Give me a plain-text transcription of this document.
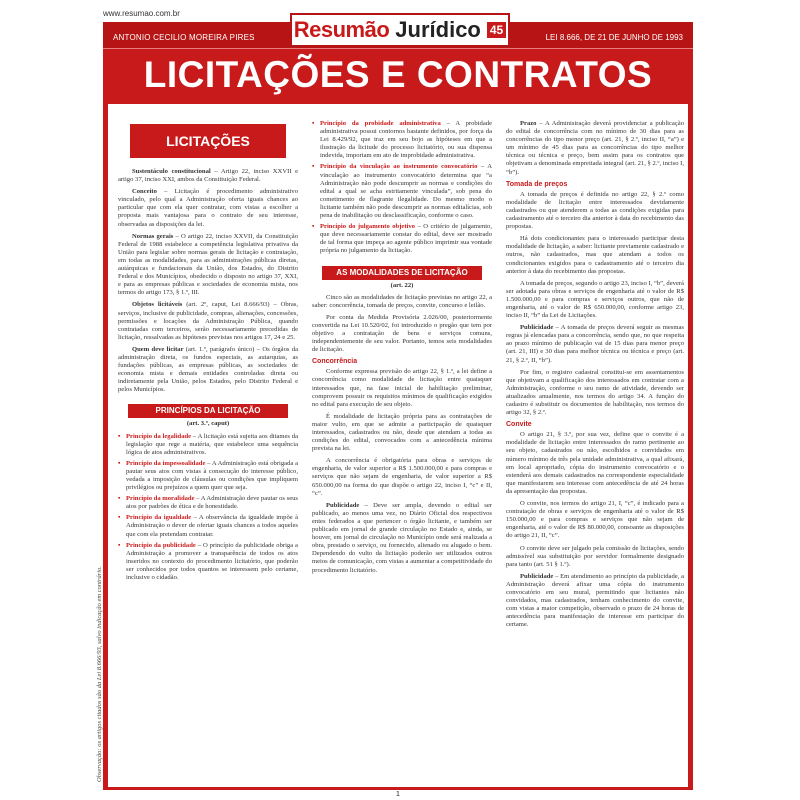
www.resumao.com.br
ANTONIO CECILIO MOREIRA PIRES	LEI 8.666, DE 21 DE JUNHO DE 1993
Resumão Jurídico 45
LICITAÇÕES E CONTRATOS
Observação: os artigos citados são da Lei 8.666/93, salvo indicação em contrário.
LICITAÇÕES

Sustentáculo constitucional – Artigo 22, inciso XXVII e artigo 37, inciso XXI, ambos da Constituição Federal.

Conceito – Licitação é procedimento administrativo vinculado, pelo qual a Administração oferta iguais chances ao particular que com ela quer contratar, com vistas a escolher a proposta mais vantajosa para o contrato de seu interesse, observadas as disposições da lei.

Normas gerais – O artigo 22, inciso XXVII, da Constituição Federal de 1988 estabelece a competência legislativa privativa da União para legislar sobre normas gerais de licitação e contratação, em todas as modalidades, para as administrações públicas diretas, autárquicas e fundacionais da União, dos Estados, do Distrito Federal e dos Municípios, obedecido o disposto no artigo 37, XXI, e para as empresas públicas e sociedades de economia mista, nos termos do artigo 173, § 1.º, III.

Objetos licitáveis (art. 2º, caput, Lei 8.666/93) – Obras, serviços, inclusive de publicidade, compras, alienações, concessões, permissões e locações da Administração Pública, quando contratadas com terceiros, serão necessariamente precedidas de licitação, ressalvadas as hipóteses previstas nos artigos 17, 24 e 25.

Quem deve licitar (art. 1.º, parágrafo único) – Os órgãos da administração direta, os fundos especiais, as autarquias, as fundações públicas, as empresas públicas, as sociedades de economia mista e demais entidades controladas direta ou indiretamente pela União, pelos Estados, pelo Distrito Federal e pelos Municípios.

PRINCÍPIOS DA LICITAÇÃO
(art. 3.º, caput)
▪ Princípio da legalidade – A licitação está sujeita aos ditames da legislação que rege a matéria, que estabelece uma sequência lógica de atos administrativos.
▪ Princípio da impessoalidade – A Administração está obrigada a pautar seus atos com vistas à consecução do interesse público, vedada a imposição de cláusulas ou condições que impliquem privilégios ou prejuízos a quem quer que seja.
▪ Princípio da moralidade – A Administração deve pautar os seus atos por padrões de ética e de honestidade.
▪ Princípio da igualdade – A observância da igualdade impõe à Administração o dever de ofertar iguais chances a todos aqueles que com ela pretendam contratar.
▪ Princípio da publicidade – O princípio da publicidade obriga a Administração a promover a transparência de todos os atos inseridos no contexto do procedimento licitatório, que poderão ser conhecidos por todos quantos se interessem pelo certame, inclusive o cidadão.
▪ Princípio da probidade administrativa – A probidade administrativa possui contornos bastante definidos, por força da Lei 8.429/92, que traz em seu bojo as hipóteses em que a ilustração da licitude do processo licitatório, ou sua dispensa indevida, importam em ato de improbidade administrativa.
▪ Princípio da vinculação ao instrumento convocatório – A vinculação ao instrumento convocatório determina que “a Administração não pode descumprir as normas e condições do edital a qual se acha estritamente vinculada”, sob pena do cometimento de flagrante ilegalidade. Do mesmo modo o licitante também não pode descumprir as normas editalícias, sob pena de inabilitação ou desclassificação, conforme o caso.
▪ Princípio do julgamento objetivo – O critério de julgamento, que deve necessariamente constar do edital, deve ser mostrado de tal forma que impeça ao agente público imprimir sua vontade própria no julgamento da licitação.
AS MODALIDADES DE LICITAÇÃO
(art. 22)

Cinco são as modalidades de licitação previstas no artigo 22, a saber: concorrência, tomada de preços, convite, concurso e leilão.

Por conta da Medida Provisória 2.026/00, posteriormente convertida na Lei 10.520/02, foi introduzido o pregão que tem por objetivo a contratação de bens e serviços comuns, independentemente de seu valor. Portanto, temos seis modalidades de licitação.

Concorrência

Conforme expressa previsão do artigo 22, § 1.º, a lei define a concorrência como modalidade de licitação entre quaisquer interessados que, na fase inicial de habilitação preliminar, comprovem possuir os requisitos mínimos de qualificação exigidos no edital para execução de seu objeto.

É modalidade de licitação própria para as contratações de maior vulto, em que se admite a participação de quaisquer interessados, cadastrados ou não, desde que atendam a todas as condições do edital, convocados com a antecedência mínima prevista na lei.

A concorrência é obrigatória para obras e serviços de engenharia, de valor superior a R$ 1.500.000,00 e para compras e serviços que não sejam de engenharia, de valor superior a R$ 650.000,00 na forma do que dispõe o artigo 22, inciso I, “c” e II, “c”.

Publicidade – Deve ser ampla, devendo o edital ser publicado, ao menos uma vez, no Diário Oficial dos respectivos entes federados a que pertencer o órgão licitante, e também ser publicado em jornal de grande circulação no Estado e, ainda, se houver, em jornal de circulação no Município onde será realizada a obra, prestado o serviço, ou fornecido, alienado ou alugado o bem. Dependendo do vulto da licitação poderão ser utilizados outros meios de comunicação, com vistas a aumentar a competitividade do procedimento licitatório.

Prazo – A Administração deverá providenciar a publicação do edital de concorrência com no mínimo de 30 dias para as concorrências do tipo menor preço (art. 21, § 2.º, inciso II, “a”) e um mínimo de 45 dias para as concorrências do tipo melhor técnica ou técnica e preço, bem assim para os contratos que objetivam a denominada empreitada integral (art. 21, § 2.º, inciso I, “b”).

Tomada de preços

A tomada de preços é definida no artigo 22, § 2.º como modalidade de licitação entre interessados devidamente cadastrados ou que atenderem a todas as condições exigidas para cadastramento até o terceiro dia anterior à data do recebimento das propostas.

Há dois condicionantes para o interessado participar desta modalidade de licitação, a saber: licitante previamente cadastrado e outros, não cadastrados, mas que atendam a todos os condicionantes exigidos para o cadastramento até o terceiro dia anterior à data do recebimento das propostas.

A tomada de preços, segundo o artigo 23, inciso I, “b”, deverá ser adotada para obras e serviços de engenharia até o valor de R$ 1.500.000,00 e para compras e serviços outros, que não de engenharia, até o valor de R$ 650.000,00, conforme artigo 23, inciso II, “b” da Lei de Licitações.

Publicidade – A tomada de preços deverá seguir as mesmas regras já elencadas para a concorrência, sendo que, no que respeita ao prazo mínimo de publicação vai de 15 dias para menor preço (art. 21, III) e 30 dias para melhor técnica ou técnica e preço (art. 21, § 2.º, II, “b”).

Por fim, o registro cadastral constitui-se em assentamentos que objetivam a qualificação dos interessados em contratar com a Administração, conforme o seu ramo de atividade, devendo ser atualizados anualmente, nos termos do artigo 34. A função do cadastro é substituir os documentos de habilitação, nos termos do artigo 32, § 2.º.

Convite

O artigo 21, § 3.º, por sua vez, define que o convite é a modalidade de licitação entre interessados do ramo pertinente ao seu objeto, cadastrados ou não, escolhidos e convidados em número mínimo de três pela unidade administrativa, a qual afixará, em local apropriado, cópia do instrumento convocatório e o estenderá aos demais cadastrados na correspondente especialidade que manifestarem seu interesse com antecedência de até 24 horas da apresentação das propostas.

O convite, nos termos do artigo 21, I, “c”, é indicado para a contratação de obras e serviços de engenharia até o valor de R$ 150.000,00 e para compras e serviços que não sejam de engenharia, até o valor de R$ 80.000,00, consoante as disposições do artigo 21, II, “c”.

O convite deve ser julgado pela comissão de licitações, sendo admissível sua substituição por servidor formalmente designado para tanto (art. 51 § 1.º).

Publicidade – Em atendimento ao princípio da publicidade, a Administração deverá afixar uma cópia do instrumento convocatório em seu mural, permitindo que licitantes não convidados, mas cadastrados, tenham conhecimento do convite, com vistas a maior competição, observado o prazo de 24 horas de antecedência para manifestação de interesse em participar do certame.

1
